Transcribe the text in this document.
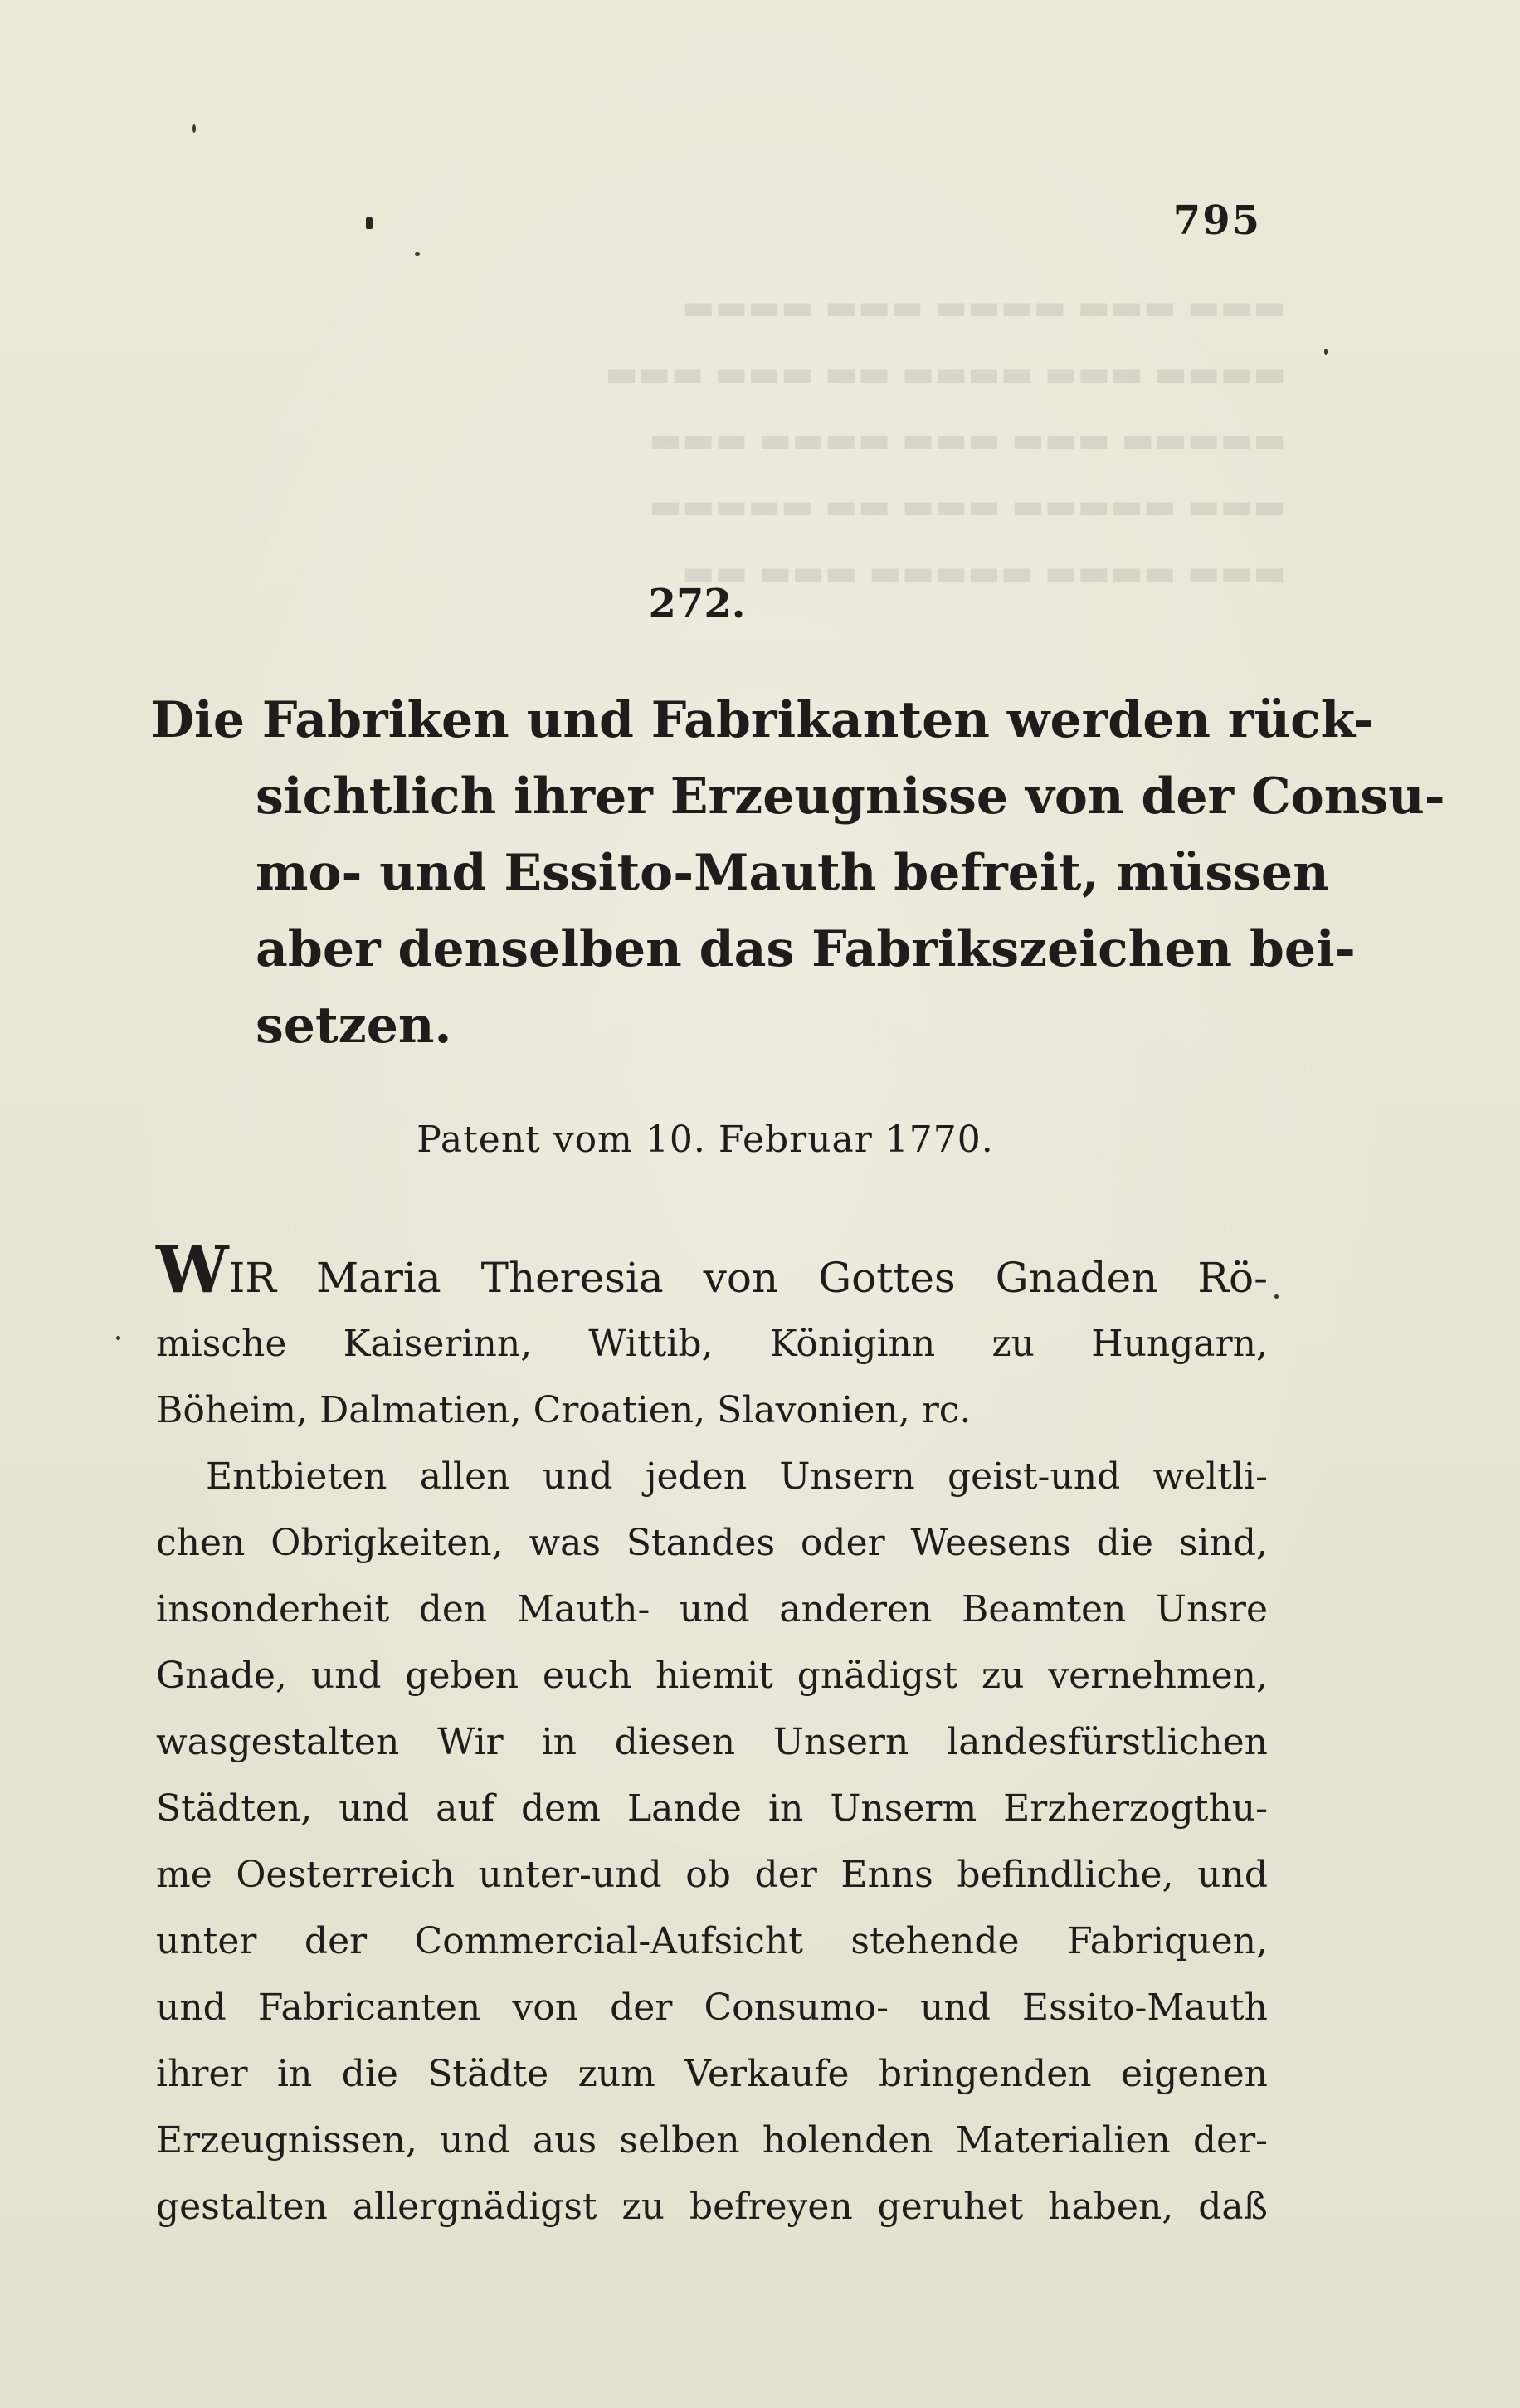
▬▬▬ ▬▬▬ ▬▬▬▬ ▬▬▬ ▬▬▬▬
▬▬▬▬ ▬▬▬ ▬▬▬▬ ▬▬ ▬▬▬ ▬▬▬
▬▬▬▬▬ ▬▬▬ ▬▬▬ ▬▬▬▬ ▬▬▬
▬▬▬ ▬▬▬▬▬ ▬▬▬ ▬▬ ▬▬▬▬▬
▬▬▬ ▬▬▬▬ ▬▬▬▬▬ ▬▬▬ ▬▬
795
272.
Die Fabriken und Fabrikanten werden rück-
sichtlich ihrer Erzeugnisse von der Consu-
mo- und Essito-Mauth befreit, müssen
aber denselben das Fabrikszeichen bei-
setzen.
Patent vom 10. Februar 1770.
WIR Maria Theresia von Gottes Gnaden Rö-
mische Kaiserinn, Wittib, Königinn zu Hungarn,
Böheim, Dalmatien, Croatien, Slavonien, rc.
Entbieten allen und jeden Unsern geist-und weltli-
chen Obrigkeiten, was Standes oder Weesens die sind,
insonderheit den Mauth- und anderen Beamten Unsre
Gnade, und geben euch hiemit gnädigst zu vernehmen,
wasgestalten Wir in diesen Unsern landesfürstlichen
Städten, und auf dem Lande in Unserm Erzherzogthu-
me Oesterreich unter-und ob der Enns befindliche, und
unter der Commercial-Aufsicht stehende Fabriquen,
und Fabricanten von der Consumo- und Essito-Mauth
ihrer in die Städte zum Verkaufe bringenden eigenen
Erzeugnissen, und aus selben holenden Materialien der-
gestalten allergnädigst zu befreyen geruhet haben, daß
